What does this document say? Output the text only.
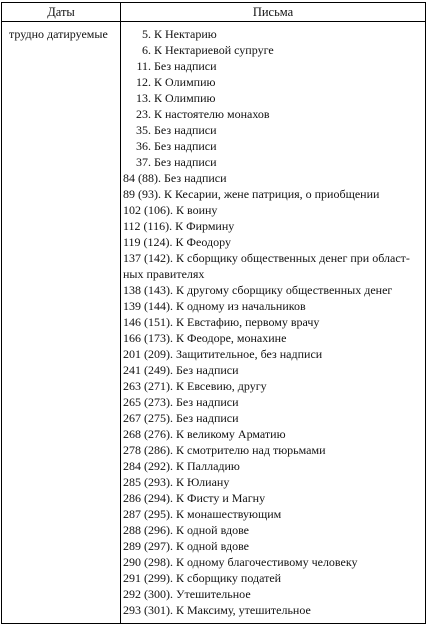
Даты	Письма
трудно датируемые	5. К Нектарию
6. К Нектариевой супруге
11. Без надписи
12. К Олимпию
13. К Олимпию
23. К настоятелю монахов
35. Без надписи
36. Без надписи
37. Без надписи
84 (88). Без надписи
89 (93). К Кесарии, жене патриция, о приобщении
102 (106). К воину
112 (116). К Фирмину
119 (124). К Феодору
137 (142). К сборщику общественных денег при област-
ных правителях
138 (143). К другому сборщику общественных денег
139 (144). К одному из начальников
146 (151). К Евстафию, первому врачу
166 (173). К Феодоре, монахине
201 (209). Защитительное, без надписи
241 (249). Без надписи
263 (271). К Евсевию, другу
265 (273). Без надписи
267 (275). Без надписи
268 (276). К великому Арматию
278 (286). К смотрителю над тюрьмами
284 (292). К Палладию
285 (293). К Юлиану
286 (294). К Фисту и Магну
287 (295). К монашествующим
288 (296). К одной вдове
289 (297). К одной вдове
290 (298). К одному благочестивому человеку
291 (299). К сборщику податей
292 (300). Утешительное
293 (301). К Максиму, утешительное
